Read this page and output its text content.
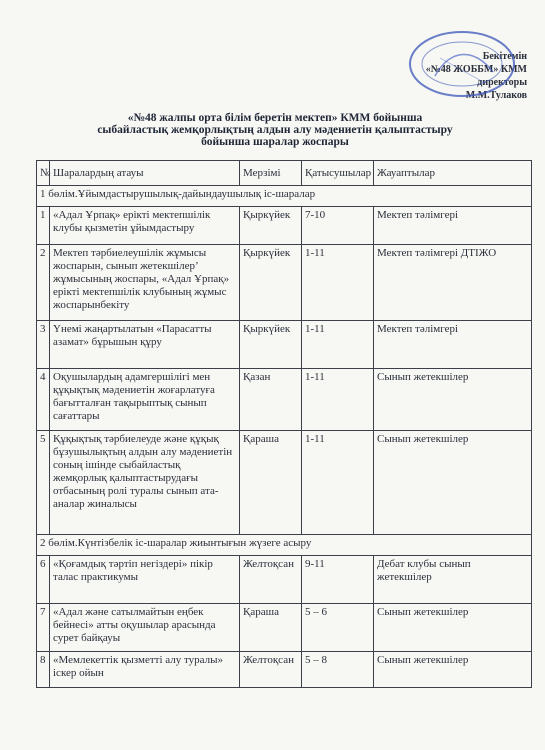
Бекітемін
«№48 ЖОББМ» КММ
директоры
М.М.Тулаков
«№48 жалпы орта білім беретін мектеп» КММ бойынша
сыбайластық жемқорлықтың алдын алу мәдениетін қалыптастыру
бойынша шаралар жоспары
№	Шаралардың атауы	Мерзімі	Қатысушылар	Жауаптылар
1 бөлім.Ұйымдастырушылық-дайындаушылық іс-шаралар				
1	«Адал Ұрпақ» ерікті мектепшілік клубы қызметін ұйымдастыру	Қыркүйек	7-10	Мектеп тәлімгері
2	Мектеп тәрбиелеушілік жұмысы жоспарын, сынып жетекшілер’ жұмысының жоспары, «Адал Ұрпақ» ерікті мектепшілік клубының жұмыс жоспарынбекіту	Қыркүйек	1-11	Мектеп тәлімгері ДТІЖО
3	Үнемі жаңартылатын «Парасатты азамат» бұрышын құру	Қыркүйек	1-11	Мектеп тәлімгері
4	Оқушылардың адамгершілігі мен құқықтық мәдениетін жоғарлатуға бағытталған тақырыптық сынып сағаттары	Қазан	1-11	Сынып жетекшілер
5	Құқықтық тәрбиелеуде және құқық бұзушылықтың алдын алу мәдениетін соның ішінде сыбайластық жемқорлық қалыптастырудағы отбасының ролі туралы сынып ата-аналар жиналысы	Қараша	1-11	Сынып жетекшілер
2 бөлім.Күнтізбелік іс-шаралар жиынтығын жүзеге асыру				
6	«Қоғамдық тәртіп негіздері» пікір талас практикумы	Желтоқсан	9-11	Дебат клубы сынып жетекшілер
7	«Адал және сатылмайтын еңбек бейнесі» атты оқушылар арасында сурет байқауы	Қараша	5 – 6	Сынып жетекшілер
8	«Мемлекеттік қызметті алу туралы» іскер ойын	Желтоқсан	5 – 8	Сынып жетекшілер
